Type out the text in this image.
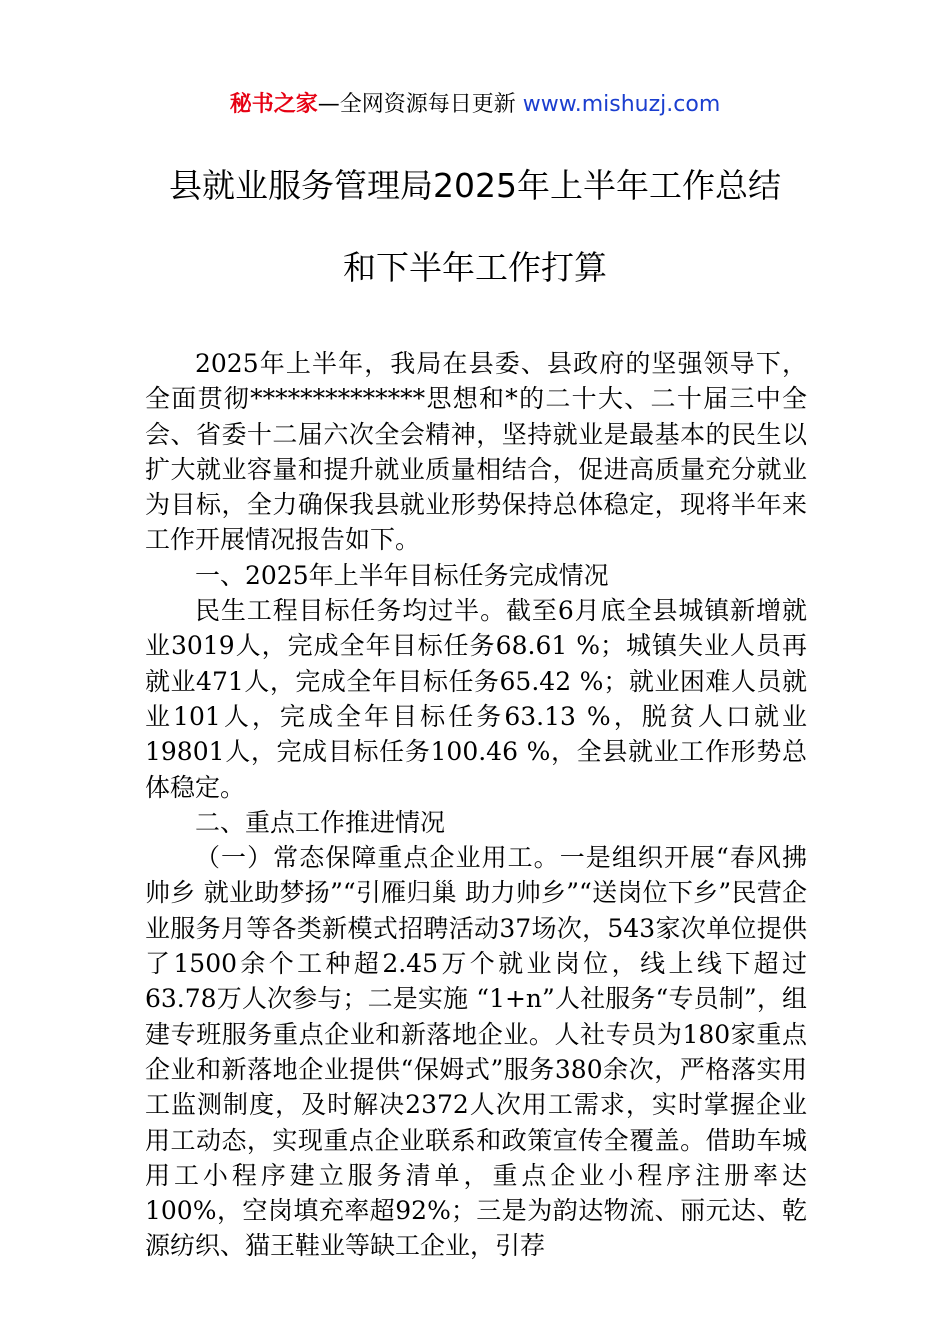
秘书之家—全网资源每日更新 www.mishuzj.com
县就业服务管理局2025年上半年工作总结
和下半年工作打算

2025年上半年，我局在县委、县政府的坚强领导下，全面贯彻**************思想和*的二十大、二十届三中全会、省委十二届六次全会精神，坚持就业是最基本的民生以扩大就业容量和提升就业质量相结合，促进高质量充分就业为目标，全力确保我县就业形势保持总体稳定，现将半年来工作开展情况报告如下。

一、2025年上半年目标任务完成情况

民生工程目标任务均过半。截至6月底全县城镇新增就业3019人，完成全年目标任务68.61 %；城镇失业人员再就业471人，完成全年目标任务65.42 %；就业困难人员就业101人，完成全年目标任务63.13 %，脱贫人口就业19801人，完成目标任务100.46 %，全县就业工作形势总体稳定。

二、重点工作推进情况

（一）常态保障重点企业用工。一是组织开展“春风拂帅乡 就业助梦扬”“引雁归巢 助力帅乡”“送岗位下乡”民营企业服务月等各类新模式招聘活动37场次，543家次单位提供了1500余个工种超2.45万个就业岗位，线上线下超过63.78万人次参与；二是实施 “1+n”人社服务“专员制”，组建专班服务重点企业和新落地企业。人社专员为180家重点企业和新落地企业提供“保姆式”服务380余次，严格落实用工监测制度，及时解决2372人次用工需求，实时掌握企业用工动态，实现重点企业联系和政策宣传全覆盖。借助车城用工小程序建立服务清单，重点企业小程序注册率达100%，空岗填充率超92%；三是为韵达物流、丽元达、乾源纺织、猫王鞋业等缺工企业，引荐
